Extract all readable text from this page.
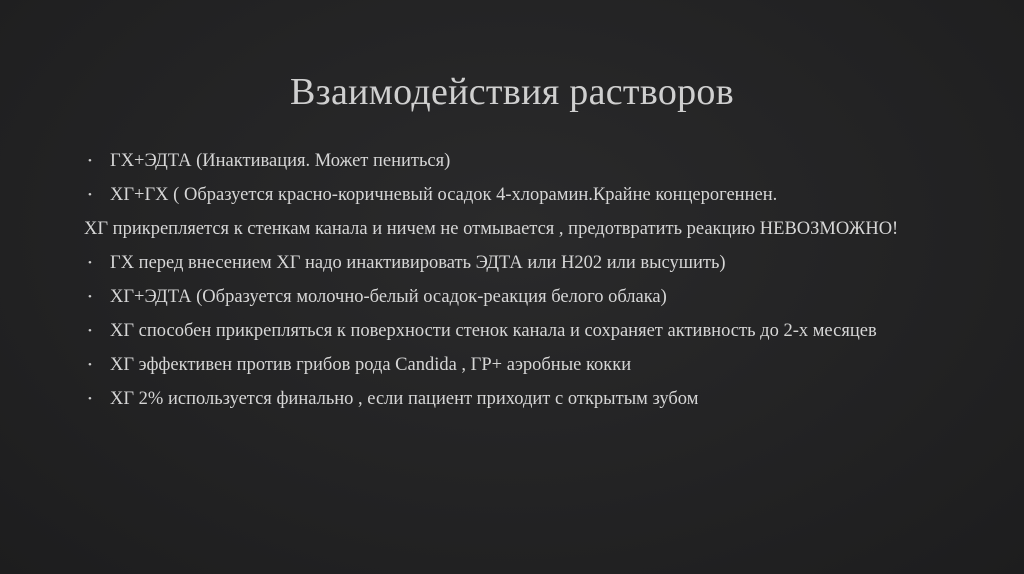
Взаимодействия растворов
• ГХ+ЭДТА (Инактивация. Может пениться)
• ХГ+ГХ ( Образуется красно-коричневый осадок 4-хлорамин.Крайне концерогеннен.
ХГ прикрепляется к стенкам канала и ничем не отмывается , предотвратить реакцию НЕВОЗМОЖНО!
• ГХ перед внесением ХГ надо инактивировать ЭДТА или Н202 или высушить)
• ХГ+ЭДТА (Образуется молочно-белый осадок-реакция белого облака)
• ХГ способен прикрепляться к поверхности стенок канала и сохраняет активность до 2-х месяцев
• ХГ эффективен против грибов рода Candida , ГР+ аэробные кокки
• ХГ 2% используется финально , если пациент приходит с открытым зубом
